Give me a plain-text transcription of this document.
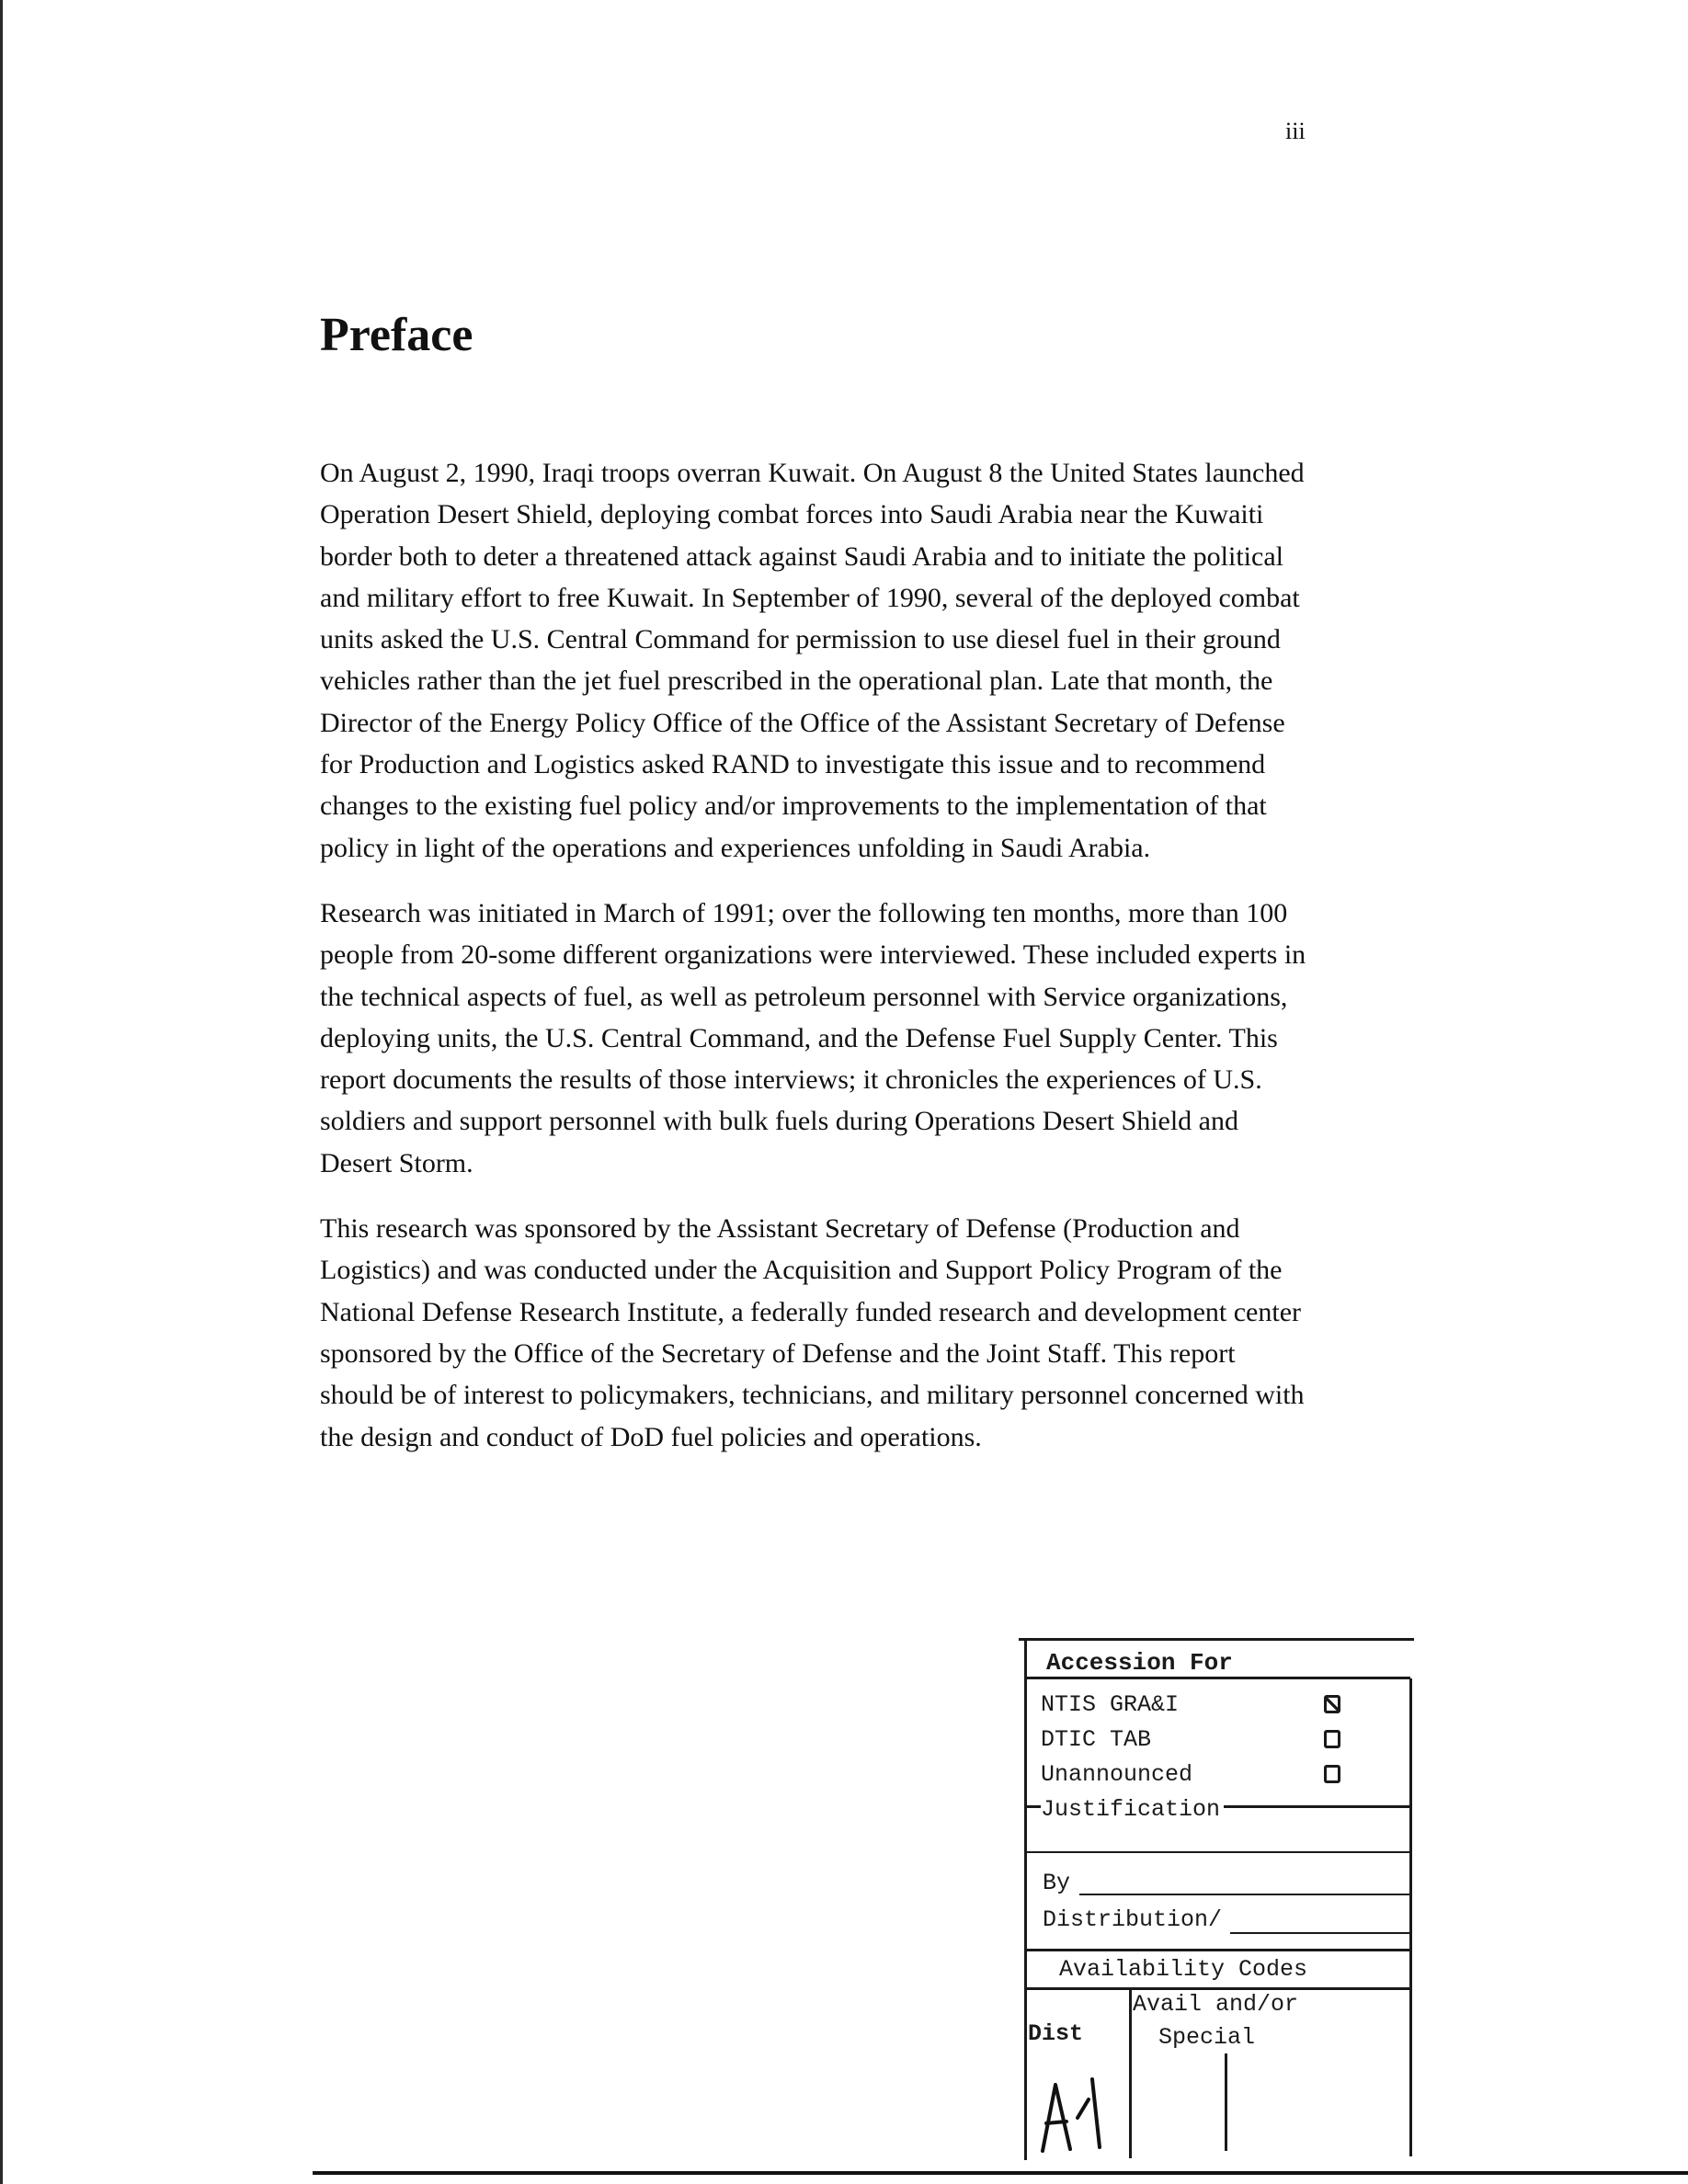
iii
Preface

On August 2, 1990, Iraqi troops overran Kuwait. On August 8 the United States launched Operation Desert Shield, deploying combat forces into Saudi Arabia near the Kuwaiti border both to deter a threatened attack against Saudi Arabia and to initiate the political and military effort to free Kuwait. In September of 1990, several of the deployed combat units asked the U.S. Central Command for permission to use diesel fuel in their ground vehicles rather than the jet fuel prescribed in the operational plan. Late that month, the Director of the Energy Policy Office of the Office of the Assistant Secretary of Defense for Production and Logistics asked RAND to investigate this issue and to recommend changes to the existing fuel policy and/or improvements to the implementation of that policy in light of the operations and experiences unfolding in Saudi Arabia.

Research was initiated in March of 1991; over the following ten months, more than 100 people from 20-some different organizations were interviewed. These included experts in the technical aspects of fuel, as well as petroleum personnel with Service organizations, deploying units, the U.S. Central Command, and the Defense Fuel Supply Center. This report documents the results of those interviews; it chronicles the experiences of U.S. soldiers and support personnel with bulk fuels during Operations Desert Shield and Desert Storm.

This research was sponsored by the Assistant Secretary of Defense (Production and Logistics) and was conducted under the Acquisition and Support Policy Program of the National Defense Research Institute, a federally funded research and development center sponsored by the Office of the Secretary of Defense and the Joint Staff. This report should be of interest to policymakers, technicians, and military personnel concerned with the design and conduct of DoD fuel policies and operations.

Accession For
NTIS GRA&I
DTIC TAB
Unannounced
Justification
By
Distribution/
Availability Codes
Avail and/or
Dist	Special
